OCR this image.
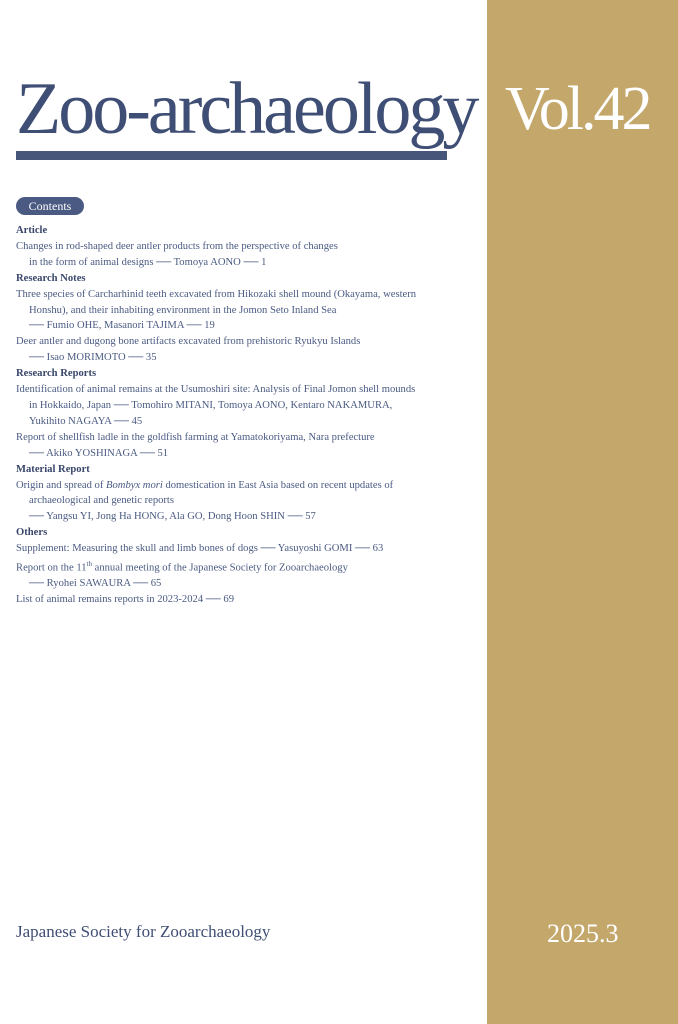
Zoo-archaeology Vol.42
Contents
Article
Changes in rod-shaped deer antler products from the perspective of changes
in the form of animal designs ── Tomoya AONO ── 1
Research Notes
Three species of Carcharhinid teeth excavated from Hikozaki shell mound (Okayama, western
Honshu), and their inhabiting environment in the Jomon Seto Inland Sea
── Fumio OHE, Masanori TAJIMA ── 19
Deer antler and dugong bone artifacts excavated from prehistoric Ryukyu Islands
── Isao MORIMOTO ── 35
Research Reports
Identification of animal remains at the Usumoshiri site: Analysis of Final Jomon shell mounds
in Hokkaido, Japan ── Tomohiro MITANI, Tomoya AONO, Kentaro NAKAMURA,
Yukihito NAGAYA ── 45
Report of shellfish ladle in the goldfish farming at Yamatokoriyama, Nara prefecture
── Akiko YOSHINAGA ── 51
Material Report
Origin and spread of Bombyx mori domestication in East Asia based on recent updates of
archaeological and genetic reports
── Yangsu YI, Jong Ha HONG, Ala GO, Dong Hoon SHIN ── 57
Others
Supplement: Measuring the skull and limb bones of dogs ── Yasuyoshi GOMI ── 63
Report on the 11th annual meeting of the Japanese Society for Zooarchaeology
── Ryohei SAWAURA ── 65
List of animal remains reports in 2023-2024 ── 69
Japanese Society for Zooarchaeology	2025.3
